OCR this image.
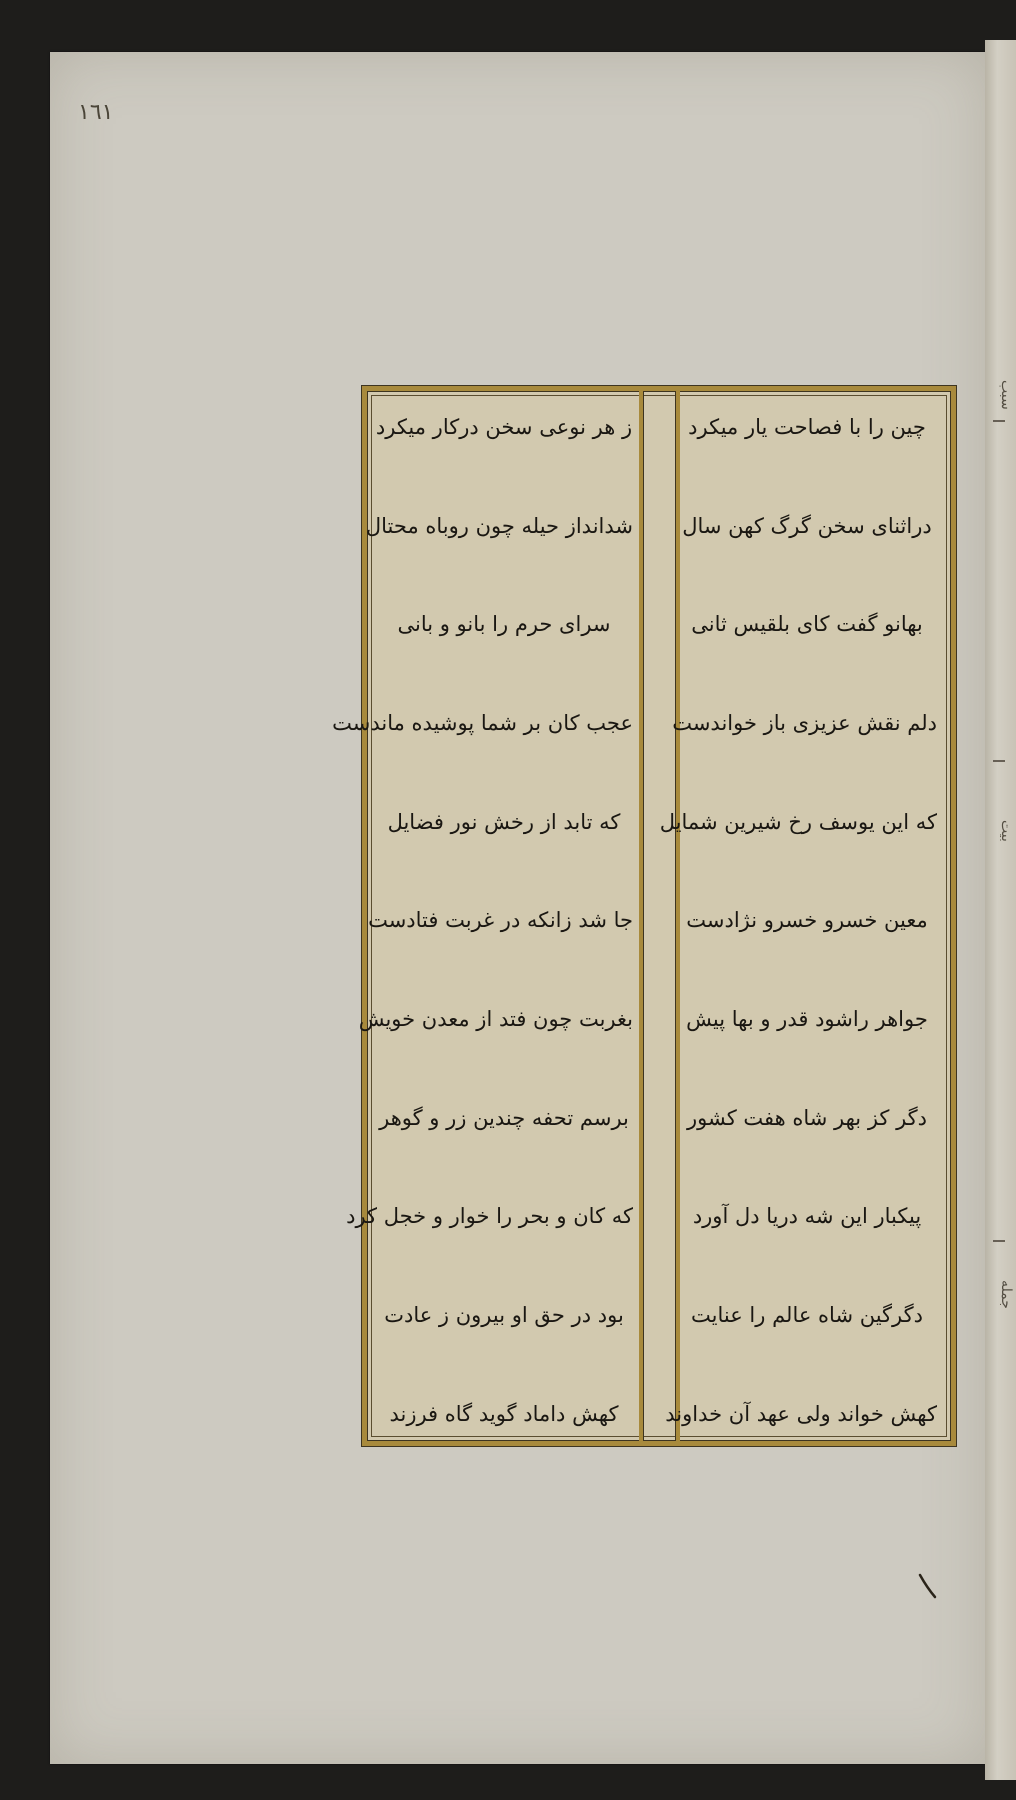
١٦١
چین را با فصاحت یار میکرد
دراثنای سخن گرگ کهن سال
بهانو گفت کای بلقیس ثانی
دلم نقش عزیزی باز خواندست
که این یوسف رخ شیرین شمایل
معین خسرو خسرو نژادست
جواهر راشود قدر و بها پیش
دگر کز بهر شاه هفت کشور
پیکبار این شه دریا دل آورد
دگرگین شاه عالم را عنایت
کهش خواند ولی عهد آن خداوند
ز هر نوعی سخن درکار میکرد
شدانداز حیله چون روباه محتال
سرای حرم را بانو و بانی
عجب کان بر شما پوشیده ماندست
که تابد از رخش نور فضایل
جا شد زانکه در غربت فتادست
بغربت چون فتد از معدن خویش
برسم تحفه چندین زر و گوهر
که کان و بحر را خوار و خجل کرد
بود در حق او بیرون ز عادت
کهش داماد گوید گاه فرزند
سبب
بیت
جمله
